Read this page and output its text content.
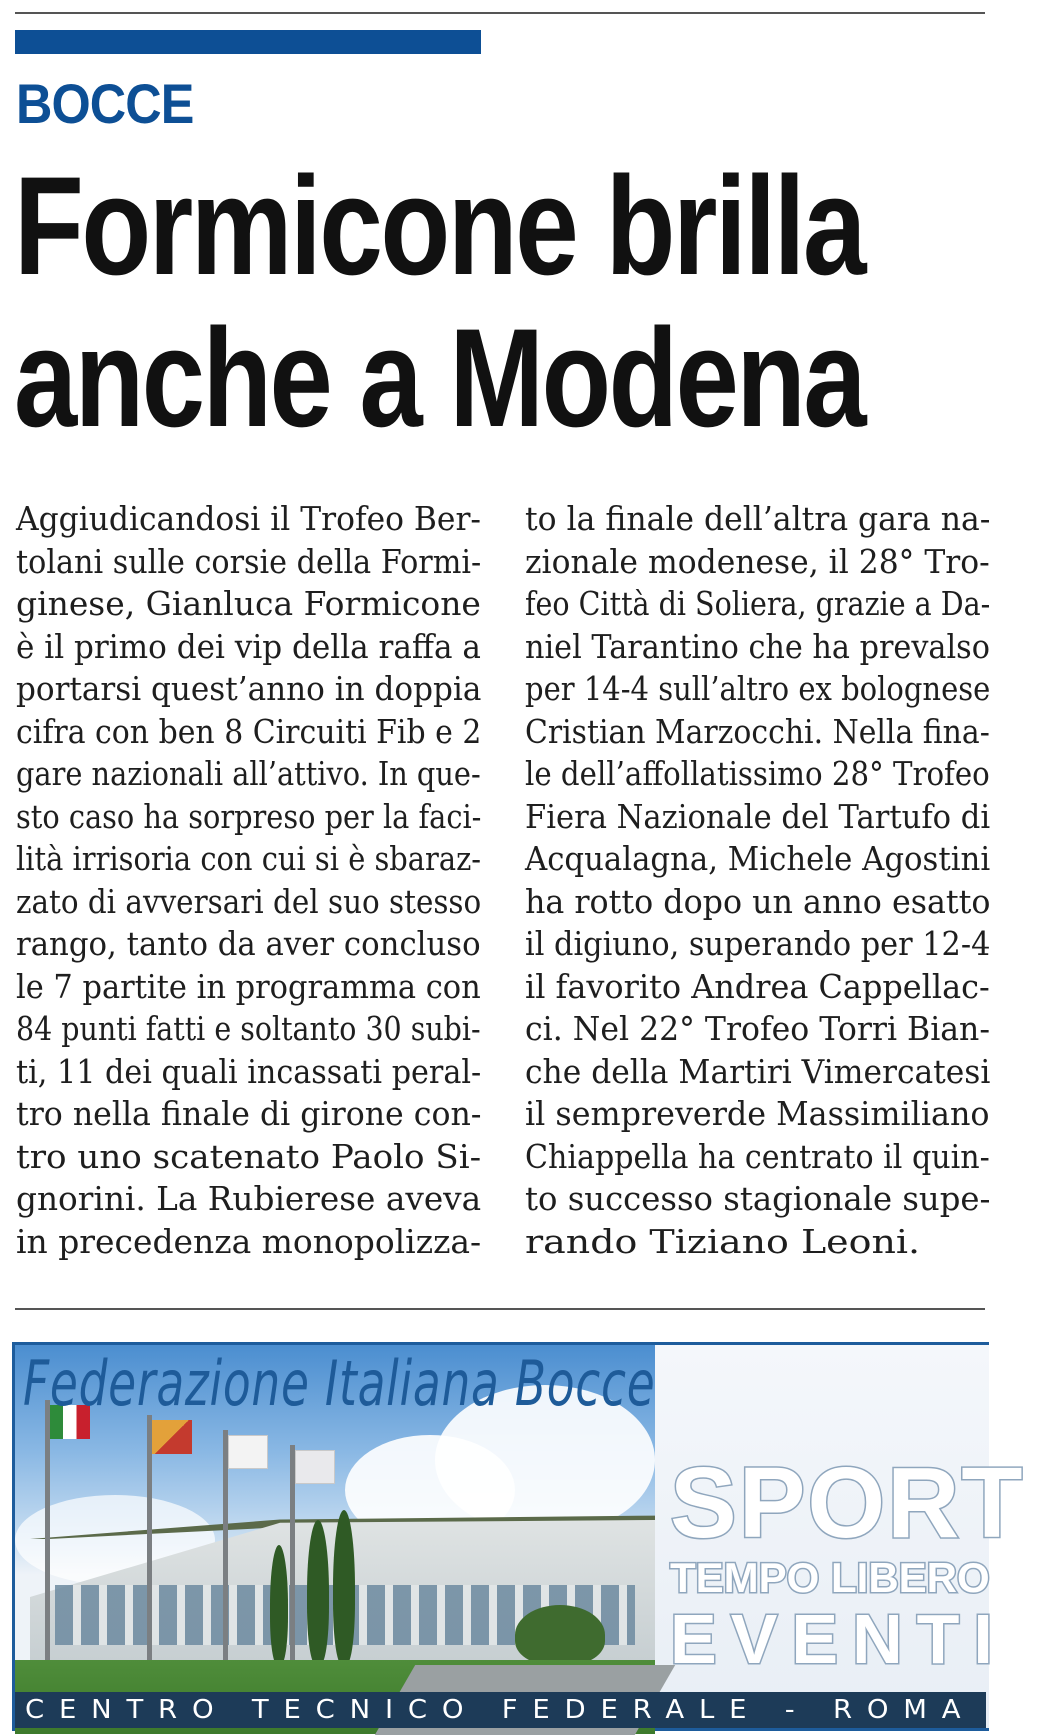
BOCCE
Formicone brilla
anche a Modena
Aggiudicandosi il Trofeo Ber-
tolani sulle corsie della Formi-
ginese, Gianluca Formicone
è il primo dei vip della raffa a
portarsi quest’anno in doppia
cifra con ben 8 Circuiti Fib e 2
gare nazionali all’attivo. In que-
sto caso ha sorpreso per la faci-
lità irrisoria con cui si è sbaraz-
zato di avversari del suo stesso
rango, tanto da aver concluso
le 7 partite in programma con
84 punti fatti e soltanto 30 subi-
ti, 11 dei quali incassati peral-
tro nella finale di girone con-
tro uno scatenato Paolo Si-
gnorini. La Rubierese aveva
in precedenza monopolizza-
to la finale dell’altra gara na-
zionale modenese, il 28° Tro-
feo Città di Soliera, grazie a Da-
niel Tarantino che ha prevalso
per 14-4 sull’altro ex bolognese
Cristian Marzocchi. Nella fina-
le dell’affollatissimo 28° Trofeo
Fiera Nazionale del Tartufo di
Acqualagna, Michele Agostini
ha rotto dopo un anno esatto
il digiuno, superando per 12-4
il favorito Andrea Cappellac-
ci. Nel 22° Trofeo Torri Bian-
che della Martiri Vimercatesi
il sempreverde Massimiliano
Chiappella ha centrato il quin-
to successo stagionale supe-
rando Tiziano Leoni.
Federazione Italiana Bocce
SPORT
TEMPO LIBERO
EVENTI
CENTRO TECNICO FEDERALE - ROMA
